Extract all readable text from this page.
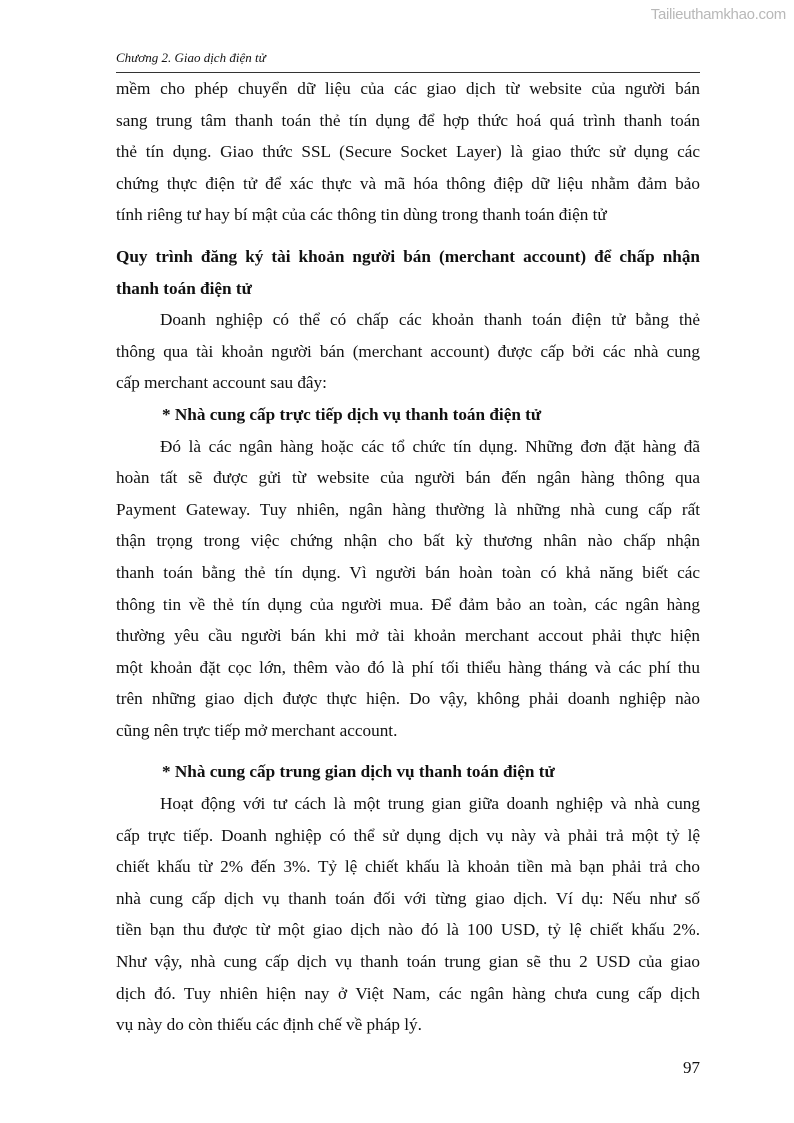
Tailieuthamkhao.com
Chương 2. Giao dịch điện tử
mềm cho phép chuyển dữ liệu của các giao dịch từ website của người bán
sang trung tâm thanh toán thẻ tín dụng để hợp thức hoá quá trình thanh toán
thẻ tín dụng. Giao thức SSL (Secure Socket Layer) là giao thức sử dụng các
chứng thực điện tử để xác thực và mã hóa thông điệp dữ liệu nhằm đảm bảo
tính riêng tư hay bí mật của các thông tin dùng trong thanh toán điện tử
Quy trình đăng ký tài khoản người bán (merchant account) để chấp nhận
thanh toán điện tử
Doanh nghiệp có thể có chấp các khoản thanh toán điện tử bằng thẻ
thông qua tài khoản người bán (merchant account) được cấp bởi các nhà cung
cấp merchant account sau đây:
* Nhà cung cấp trực tiếp dịch vụ thanh toán điện tử
Đó là các ngân hàng hoặc các tổ chức tín dụng. Những đơn đặt hàng đã
hoàn tất sẽ được gửi từ website của người bán đến ngân hàng thông qua
Payment Gateway. Tuy nhiên, ngân hàng thường là những nhà cung cấp rất
thận trọng trong việc chứng nhận cho bất kỳ thương nhân nào chấp nhận
thanh toán bằng thẻ tín dụng. Vì người bán hoàn toàn có khả năng biết các
thông tin về thẻ tín dụng của người mua. Để đảm bảo an toàn, các ngân hàng
thường yêu cầu người bán khi mở tài khoản merchant accout phải thực hiện
một khoản đặt cọc lớn, thêm vào đó là phí tối thiểu hàng tháng và các phí thu
trên những giao dịch được thực hiện. Do vậy, không phải doanh nghiệp nào
cũng nên trực tiếp mở merchant account.
* Nhà cung cấp trung gian dịch vụ thanh toán điện tử
Hoạt động với tư cách là một trung gian giữa doanh nghiệp và nhà cung
cấp trực tiếp. Doanh nghiệp có thể sử dụng dịch vụ này và phải trả một tỷ lệ
chiết khấu từ 2% đến 3%. Tỷ lệ chiết khấu là khoản tiền mà bạn phải trả cho
nhà cung cấp dịch vụ thanh toán đối với từng giao dịch. Ví dụ: Nếu như số
tiền bạn thu được từ một giao dịch nào đó là 100 USD, tỷ lệ chiết khấu 2%.
Như vậy, nhà cung cấp dịch vụ thanh toán trung gian sẽ thu 2 USD của giao
dịch đó. Tuy nhiên hiện nay ở Việt Nam, các ngân hàng chưa cung cấp dịch
vụ này do còn thiếu các định chế về pháp lý.
97
